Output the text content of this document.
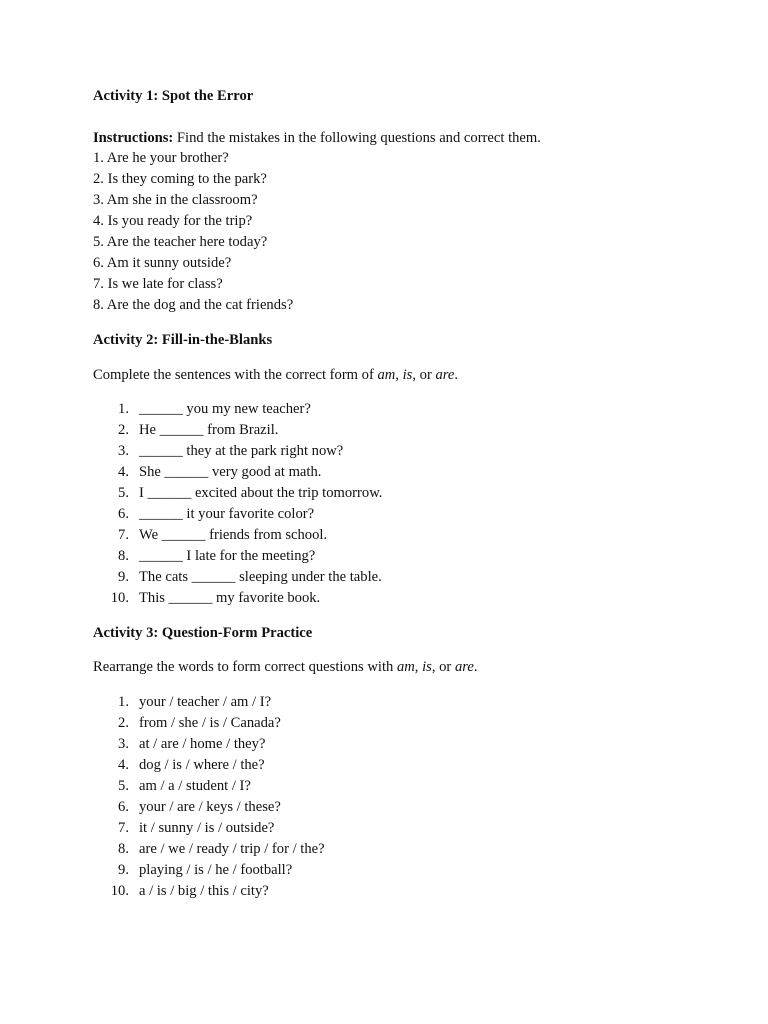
Activity 1: Spot the Error

Instructions: Find the mistakes in the following questions and correct them.

1. Are he your brother?
2. Is they coming to the park?
3. Am she in the classroom?
4. Is you ready for the trip?
5. Are the teacher here today?
6. Am it sunny outside?
7. Is we late for class?
8. Are the dog and the cat friends?

Activity 2: Fill-in-the-Blanks

Complete the sentences with the correct form of am, is, or are.

1. ______ you my new teacher?
2. He ______ from Brazil.
3. ______ they at the park right now?
4. She ______ very good at math.
5. I ______ excited about the trip tomorrow.
6. ______ it your favorite color?
7. We ______ friends from school.
8. ______ I late for the meeting?
9. The cats ______ sleeping under the table.
10. This ______ my favorite book.

Activity 3: Question-Form Practice

Rearrange the words to form correct questions with am, is, or are.

1. your / teacher / am / I?
2. from / she / is / Canada?
3. at / are / home / they?
4. dog / is / where / the?
5. am / a / student / I?
6. your / are / keys / these?
7. it / sunny / is / outside?
8. are / we / ready / trip / for / the?
9. playing / is / he / football?
10. a / is / big / this / city?
